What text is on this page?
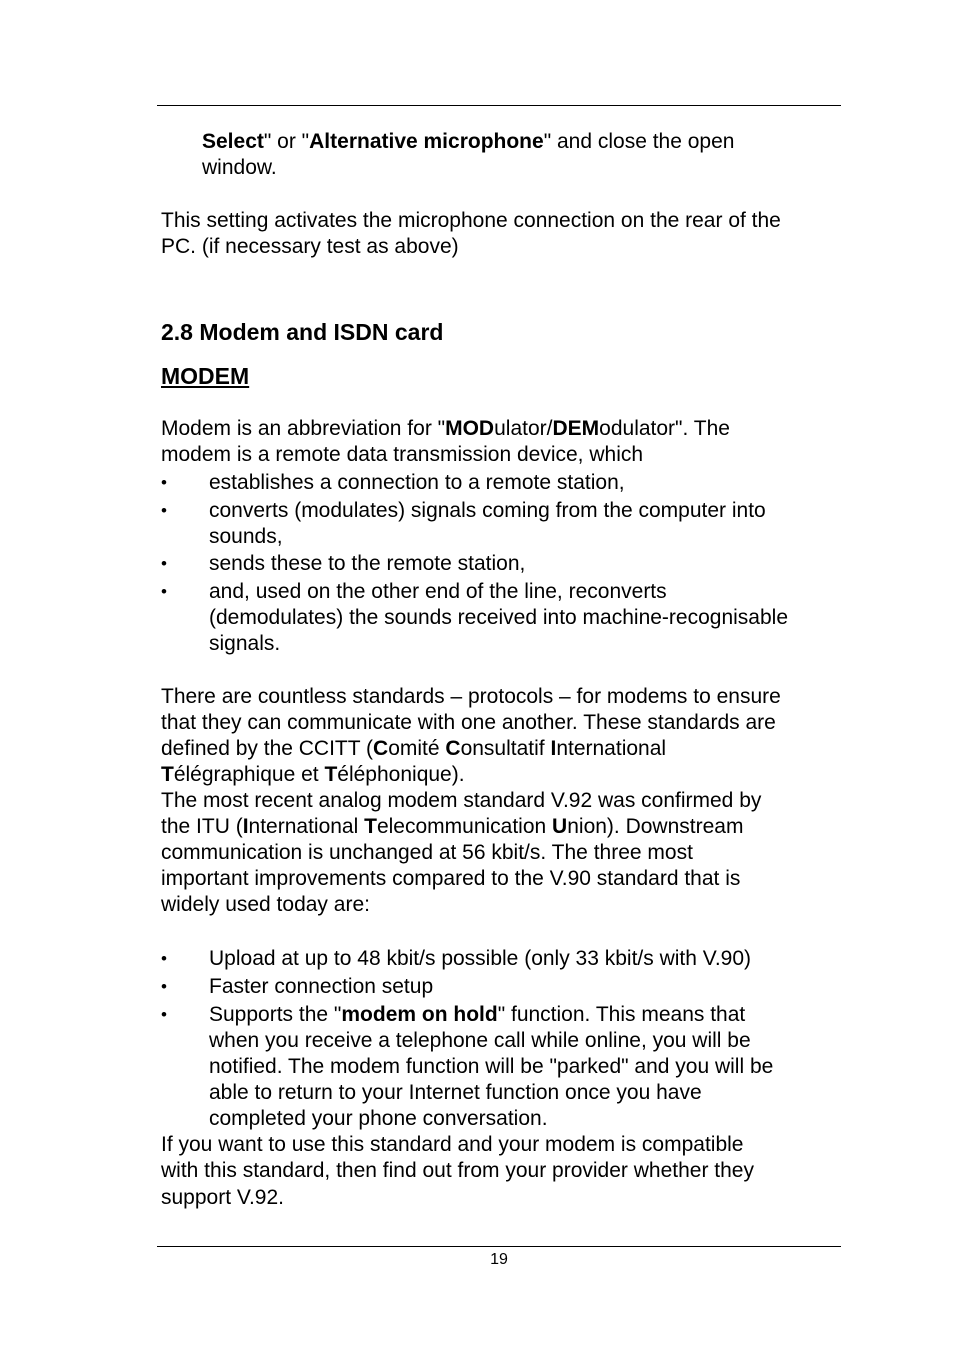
Select" or "Alternative microphone" and close the open
window.
This setting activates the microphone connection on the rear of the
PC. (if necessary test as above)
2.8 Modem and ISDN card
MODEM
Modem is an abbreviation for "MODulator/DEModulator". The
modem is a remote data transmission device, which
• establishes a connection to a remote station,
• converts (modulates) signals coming from the computer into
sounds,
• sends these to the remote station,
• and, used on the other end of the line, reconverts
(demodulates) the sounds received into machine-recognisable
signals.
There are countless standards – protocols – for modems to ensure
that they can communicate with one another. These standards are
defined by the CCITT (Comité Consultatif International
Télégraphique et Téléphonique).
The most recent analog modem standard V.92 was confirmed by
the ITU (International Telecommunication Union). Downstream
communication is unchanged at 56 kbit/s. The three most
important improvements compared to the V.90 standard that is
widely used today are:
• Upload at up to 48 kbit/s possible (only 33 kbit/s with V.90)
• Faster connection setup
• Supports the "modem on hold" function. This means that
when you receive a telephone call while online, you will be
notified. The modem function will be "parked" and you will be
able to return to your Internet function once you have
completed your phone conversation.
If you want to use this standard and your modem is compatible
with this standard, then find out from your provider whether they
support V.92.
19
